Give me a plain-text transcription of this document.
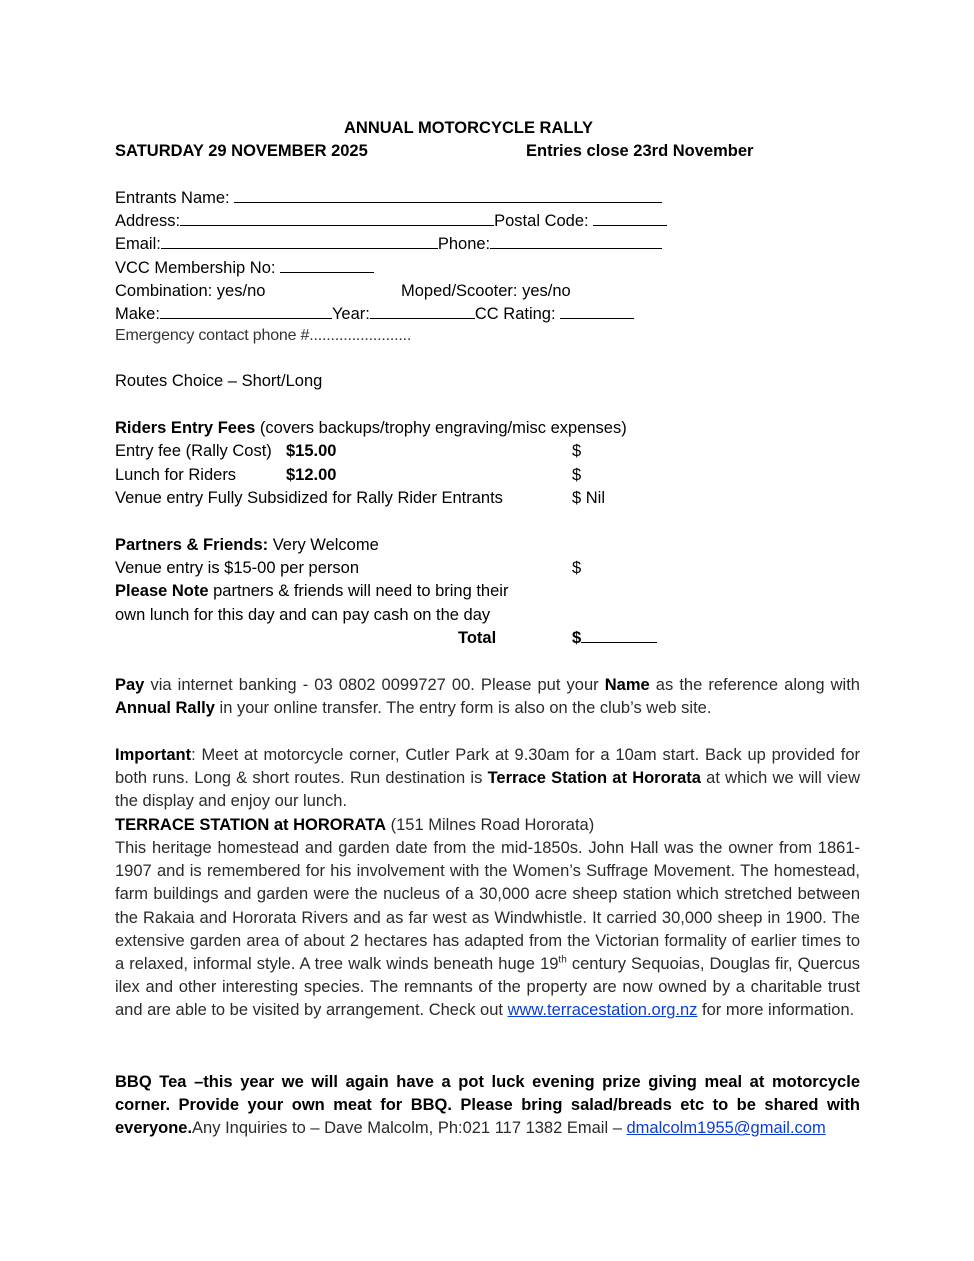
ANNUAL MOTORCYCLE RALLY
SATURDAY 29 NOVEMBER 2025	Entries close 23rd November
Entrants Name:
Address:	Postal Code:
Email:	Phone:
VCC Membership No:
Combination: yes/no	Moped/Scooter: yes/no
Make:	Year:	CC Rating:
Emergency contact phone #........................
Routes Choice – Short/Long
Riders Entry Fees (covers backups/trophy engraving/misc expenses)
Entry fee (Rally Cost) $15.00	$
Lunch for Riders	$12.00	$
Venue entry Fully Subsidized for Rally Rider Entrants	$ Nil
Partners & Friends: Very Welcome
Venue entry is $15-00 per person	$
Please Note partners & friends will need to bring their
own lunch for this day and can pay cash on the day
Total	$
Pay via internet banking - 03 0802 0099727 00. Please put your Name as the reference along with Annual Rally in your online transfer. The entry form is also on the club’s web site.
Important: Meet at motorcycle corner, Cutler Park at 9.30am for a 10am start. Back up provided for both runs. Long & short routes. Run destination is Terrace Station at Hororata at which we will view the display and enjoy our lunch.
TERRACE STATION at HORORATA (151 Milnes Road Hororata)
This heritage homestead and garden date from the mid-1850s. John Hall was the owner from 1861-1907 and is remembered for his involvement with the Women’s Suffrage Movement. The homestead, farm buildings and garden were the nucleus of a 30,000 acre sheep station which stretched between the Rakaia and Hororata Rivers and as far west as Windwhistle. It carried 30,000 sheep in 1900. The extensive garden area of about 2 hectares has adapted from the Victorian formality of earlier times to a relaxed, informal style. A tree walk winds beneath huge 19th century Sequoias, Douglas fir, Quercus ilex and other interesting species. The remnants of the property are now owned by a charitable trust and are able to be visited by arrangement. Check out www.terracestation.org.nz for more information.
BBQ Tea –this year we will again have a pot luck evening prize giving meal at motorcycle corner. Provide your own meat for BBQ. Please bring salad/breads etc to be shared with everyone.Any Inquiries to – Dave Malcolm, Ph:021 117 1382 Email – dmalcolm1955@gmail.com
